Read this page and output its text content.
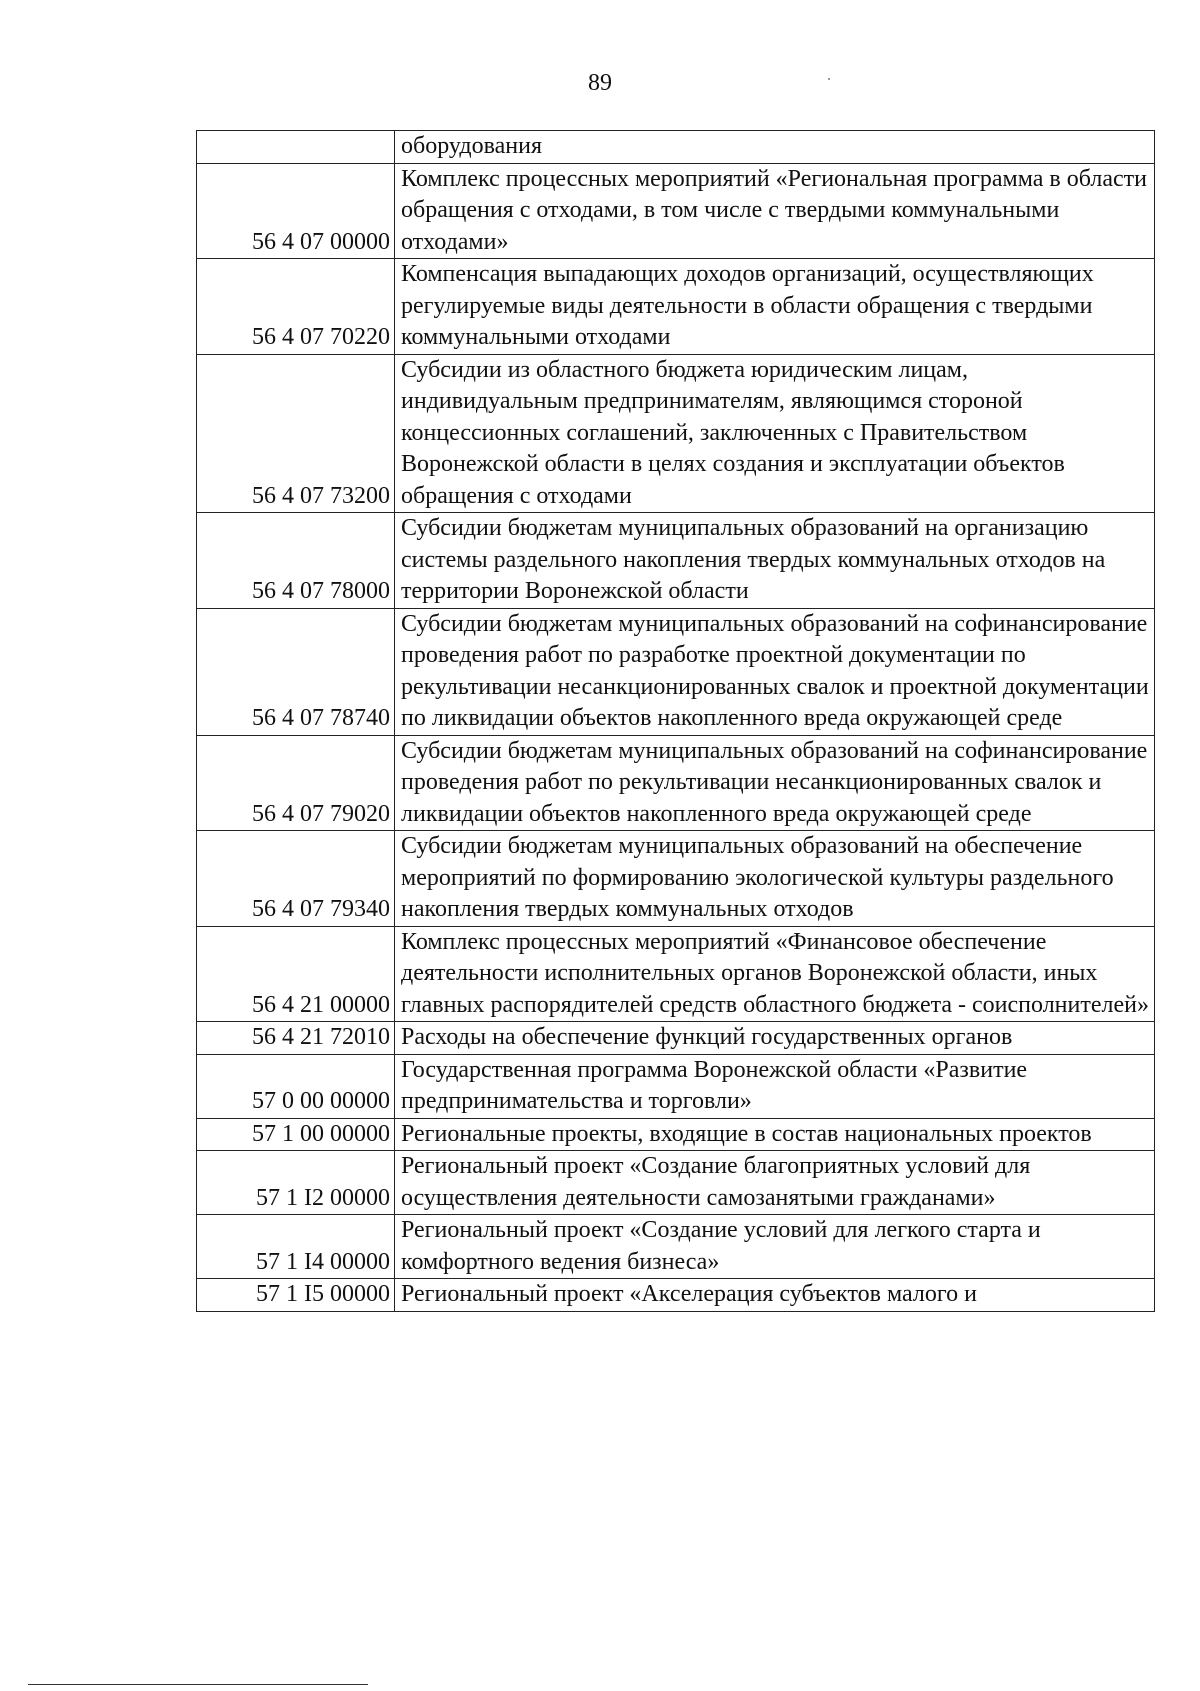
89
	оборудования
56 4 07 00000	Комплекс процессных мероприятий «Региональная программа в области обращения с отходами, в том числе с твердыми коммунальными отходами»
56 4 07 70220	Компенсация выпадающих доходов организаций, осуществляющих регулируемые виды деятельности в области обращения с твердыми коммунальными отходами
56 4 07 73200	Субсидии из областного бюджета юридическим лицам, индивидуальным предпринимателям, являющимся стороной концессионных соглашений, заключенных с Правительством Воронежской области в целях создания и эксплуатации объектов обращения с отходами
56 4 07 78000	Субсидии бюджетам муниципальных образований на организацию системы раздельного накопления твердых коммунальных отходов на территории Воронежской области
56 4 07 78740	Субсидии бюджетам муниципальных образований на софинансирование проведения работ по разработке проектной документации по рекультивации несанкционированных свалок и проектной документации по ликвидации объектов накопленного вреда окружающей среде
56 4 07 79020	Субсидии бюджетам муниципальных образований на софинансирование проведения работ по рекультивации несанкционированных свалок и ликвидации объектов накопленного вреда окружающей среде
56 4 07 79340	Субсидии бюджетам муниципальных образований на обеспечение мероприятий по формированию экологической культуры раздельного накопления твердых коммунальных отходов
56 4 21 00000	Комплекс процессных мероприятий «Финансовое обеспечение деятельности исполнительных органов Воронежской области, иных главных распорядителей средств областного бюджета - соисполнителей»
56 4 21 72010	Расходы на обеспечение функций государственных органов
57 0 00 00000	Государственная программа Воронежской области «Развитие предпринимательства и торговли»
57 1 00 00000	Региональные проекты, входящие в состав национальных проектов
57 1 I2 00000	Региональный проект «Создание благоприятных условий для осуществления деятельности самозанятыми гражданами»
57 1 I4 00000	Региональный проект «Создание условий для легкого старта и комфортного ведения бизнеса»
57 1 I5 00000	Региональный проект «Акселерация субъектов малого и
